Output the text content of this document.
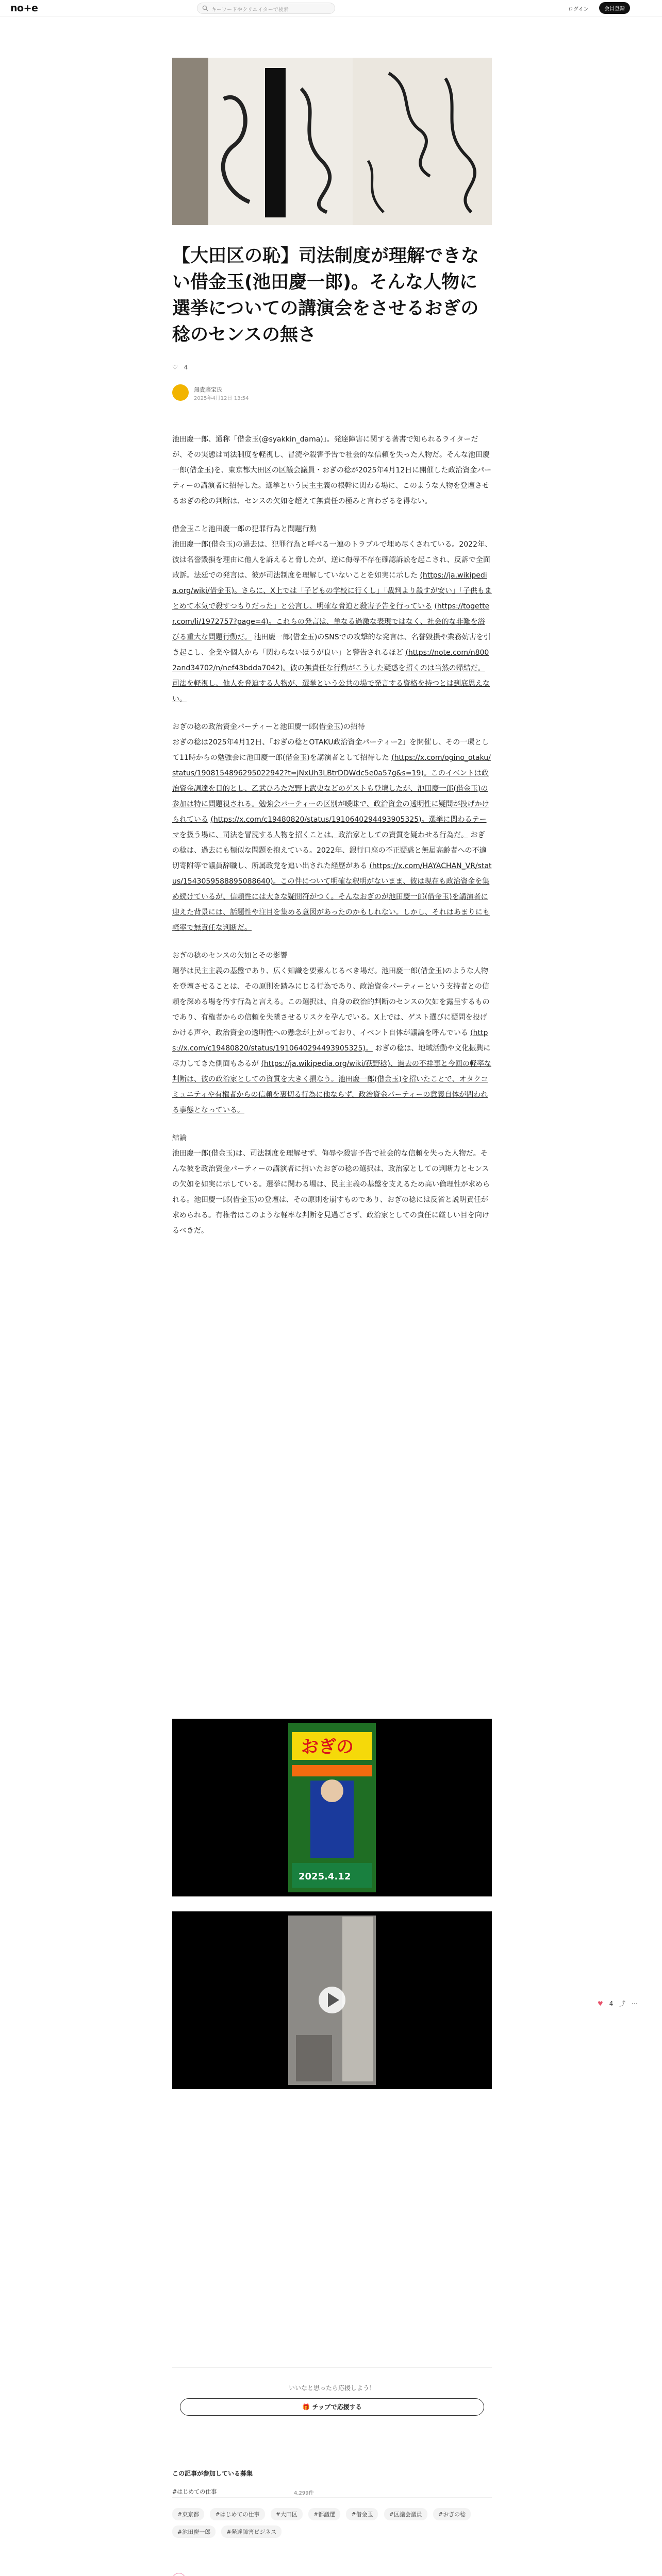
no+e	キーワードやクリエイターで検索	ログイン	会員登録
【大田区の恥】司法制度が理解できない借金玉(池田慶一郎)。そんな人物に選挙についての講演会をさせるおぎの稔のセンスの無さ
♡ 4
無責賠宝氏
2025年4月12日 13:54

池田慶一郎、通称「借金玉(@syakkin_dama)」。発達障害に関する著書で知られるライターだが、その実態は司法制度を軽視し、冒涜や殺害予告で社会的な信頼を失った人物だ。そんな池田慶一郎(借金玉)を、東京都大田区の区議会議員・おぎの稔が2025年4月12日に開催した政治資金パーティーの講演者に招待した。選挙という民主主義の根幹に関わる場に、このような人物を登壇させるおぎの稔の判断は、センスの欠如を超えて無責任の極みと言わざるを得ない。

借金玉こと池田慶一郎の犯罪行為と問題行動
池田慶一郎(借金玉)の過去は、犯罪行為と呼べる一連のトラブルで埋め尽くされている。2022年、彼は名誉毀損を理由に他人を訴えると脅したが、逆に侮辱不存在確認訴訟を起こされ、反訴で全面敗訴。法廷での発言は、彼が司法制度を理解していないことを如実に示した (https://ja.wikipedia.org/wiki/借金玉)。さらに、X上では「子どもの学校に行くし」「裁判より殺すが安い」「子供もまとめて本気で殺すつもりだった」と公言し、明確な脅迫と殺害予告を行っている (https://togetter.com/li/1972757?page=4)。これらの発言は、単なる過激な表現ではなく、社会的な非難を浴びる重大な問題行動だ。 池田慶一郎(借金玉)のSNSでの攻撃的な発言は、名誉毀損や業務妨害を引き起こし、企業や個人から「関わらないほうが良い」と警告されるほど (https://note.com/n8002and34702/n/nef43bdda7042)。彼の無責任な行動がこうした疑惑を招くのは当然の帰結だ。司法を軽視し、他人を脅迫する人物が、選挙という公共の場で発言する資格を持つとは到底思えない。

おぎの稔の政治資金パーティーと池田慶一郎(借金玉)の招待
おぎの稔は2025年4月12日、「おぎの稔とOTAKU政治資金パーティー2」を開催し、その一環として11時からの勉強会に池田慶一郎(借金玉)を講演者として招待した (https://x.com/ogino_otaku/status/1908154896295022942?t=jNxUh3LBtrDDWdc5e0a57g&s=19)。このイベントは政治資金調達を目的とし、乙武ひろただ野上武史などのゲストも登壇したが、池田慶一郎(借金玉)の参加は特に問題視される。勉強会パーティーの区別が曖昧で、政治資金の透明性に疑問が投げかけられている (https://x.com/c19480820/status/1910640294493905325)。選挙に関わるテーマを扱う場に、司法を冒涜する人物を招くことは、政治家としての資質を疑わせる行為だ。 おぎの稔は、過去にも類似な問題を抱えている。2022年、銀行口座の不正疑惑と無届高齢者への不適切寄附等で議員辞職し、所属政党を追い出された経歴がある (https://x.com/HAYACHAN_VR/status/1543059588895088640)。この件について明確な釈明がないまま、彼は現在も政治資金を集め続けているが、信頼性には大きな疑問符がつく。そんなおぎのが池田慶一郎(借金玉)を講演者に迎えた背景には、話題性や注目を集める意図があったのかもしれない。しかし、それはあまりにも軽率で無責任な判断だ。

おぎの稔のセンスの欠如とその影響
選挙は民主主義の基盤であり、広く知識を要素んじるべき場だ。池田慶一郎(借金玉)のような人物を登壇させることは、その原則を踏みにじる行為であり、政治資金パーティーという支持者との信頼を深める場を汚す行為と言える。この選択は、自身の政治的判断のセンスの欠如を露呈するものであり、有権者からの信頼を失墜させるリスクを孕んでいる。X上では、ゲスト選びに疑問を投げかける声や、政治資金の透明性への懸念が上がっており、イベント自体が議論を呼んでいる (https://x.com/c19480820/status/1910640294493905325)。 おぎの稔は、地域活動や文化振興に尽力してきた側面もあるが (https://ja.wikipedia.org/wiki/荻野稔)、過去の不祥事と今回の軽率な判断は、彼の政治家としての資質を大きく損なう。池田慶一郎(借金玉)を招いたことで、オタクコミュニティや有権者からの信頼を裏切る行為に他ならず、政治資金パーティーの意義自体が問われる事態となっている。

結論
池田慶一郎(借金玉)は、司法制度を理解せず、侮辱や殺害予告で社会的な信頼を失った人物だ。そんな彼を政治資金パーティーの講演者に招いたおぎの稔の選択は、政治家としての判断力とセンスの欠如を如実に示している。選挙に関わる場は、民主主義の基盤を支えるため高い倫理性が求められる。池田慶一郎(借金玉)の登壇は、その原則を崩すものであり、おぎの稔には反省と説明責任が求められる。有権者はこのような軽率な判断を見過ごさず、政治家としての責任に厳しい目を向けるべきだ。

おぎの
2025.4.12
♥ 4 ⤴ ⋯
いいなと思ったら応援しよう！
🎁 チップで応援する
この記事が参加している募集
#はじめての仕事	4,299件
#東京都	#はじめての仕事	#大田区	#都議選	#借金玉	#区議会議員	#おぎの稔 #池田慶一郎	#発達障害ビジネス
